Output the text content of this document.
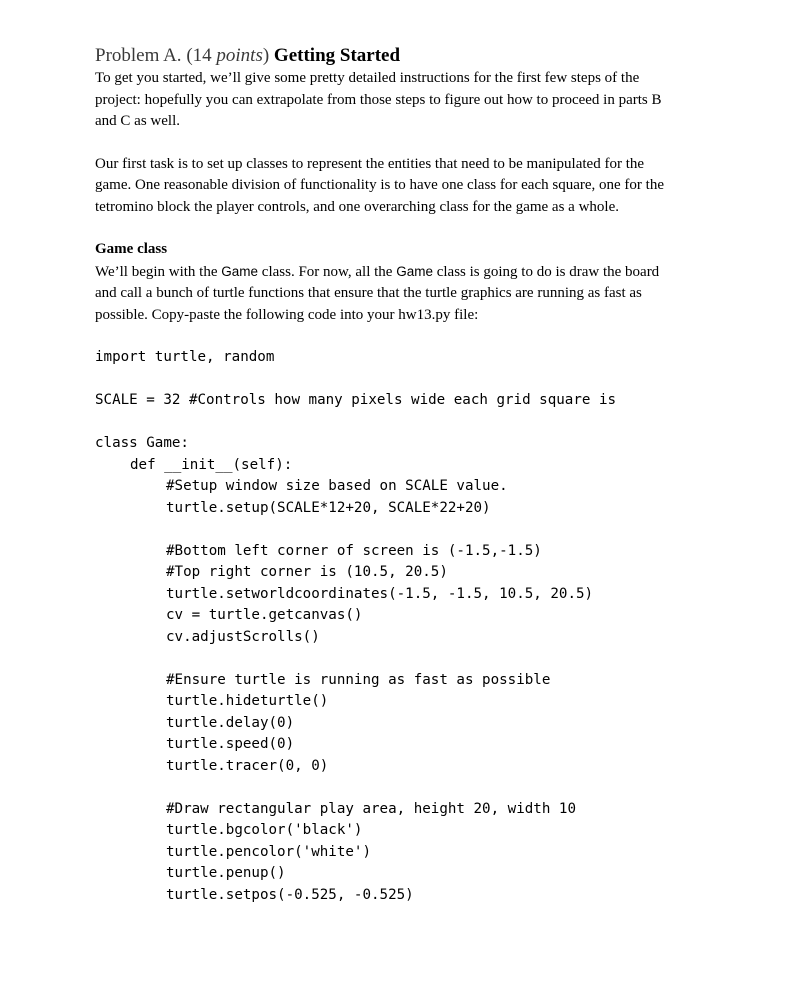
Problem A. (14 points) Getting Started

To get you started, we’ll give some pretty detailed instructions for the first few steps of the
project: hopefully you can extrapolate from those steps to figure out how to proceed in parts B
and C as well.

Our first task is to set up classes to represent the entities that need to be manipulated for the
game. One reasonable division of functionality is to have one class for each square, one for the
tetromino block the player controls, and one overarching class for the game as a whole.

Game class

We’ll begin with the Game class. For now, all the Game class is going to do is draw the board
and call a bunch of turtle functions that ensure that the turtle graphics are running as fast as
possible. Copy-paste the following code into your hw13.py file:

import turtle, random
SCALE = 32 #Controls how many pixels wide each grid square is
class Game:
def __init__(self):
#Setup window size based on SCALE value.
turtle.setup(SCALE*12+20, SCALE*22+20)
#Bottom left corner of screen is (-1.5,-1.5)
#Top right corner is (10.5, 20.5)
turtle.setworldcoordinates(-1.5, -1.5, 10.5, 20.5)
cv = turtle.getcanvas()
cv.adjustScrolls()
#Ensure turtle is running as fast as possible
turtle.hideturtle()
turtle.delay(0)
turtle.speed(0)
turtle.tracer(0, 0)
#Draw rectangular play area, height 20, width 10
turtle.bgcolor('black')
turtle.pencolor('white')
turtle.penup()
turtle.setpos(-0.525, -0.525)
